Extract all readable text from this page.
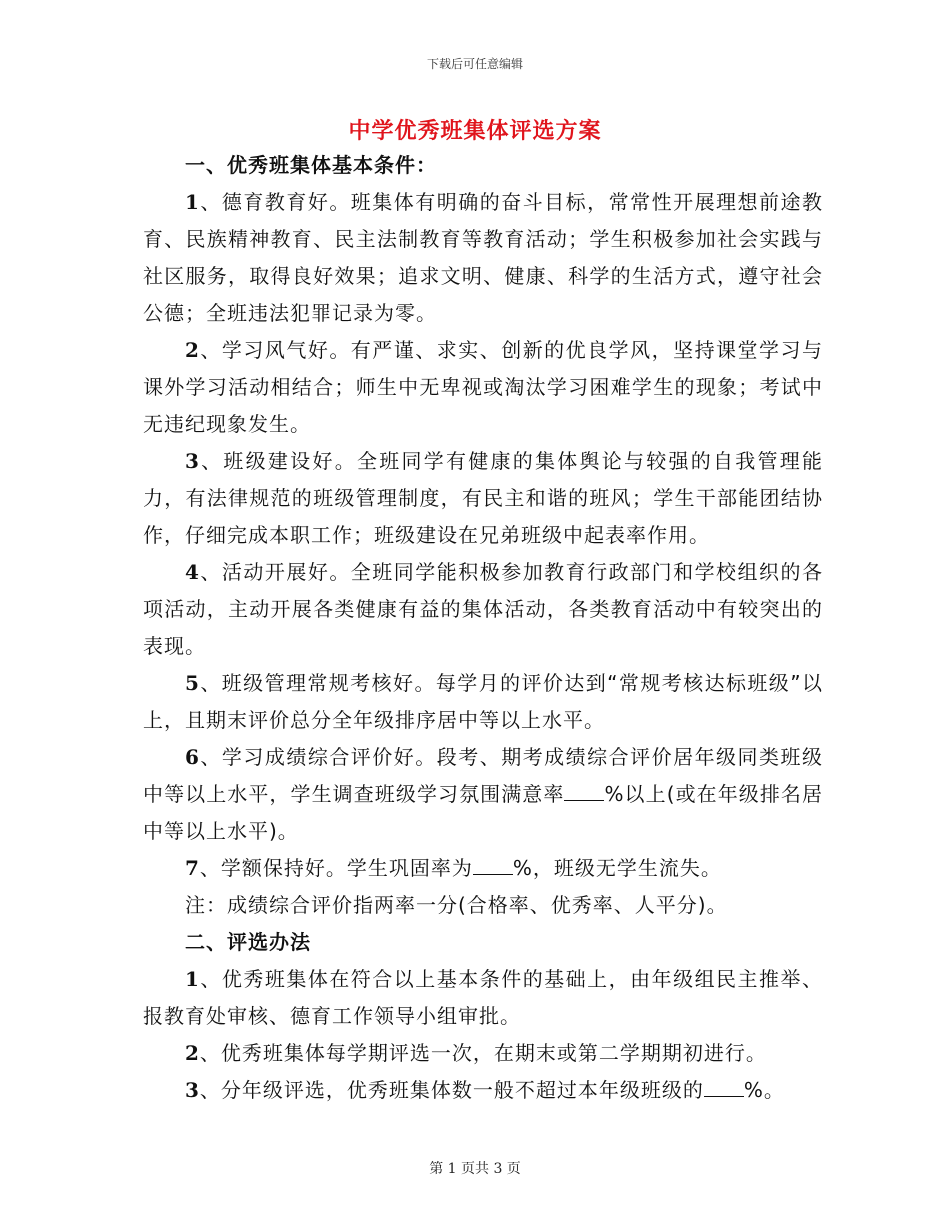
下载后可任意编辑
中学优秀班集体评选方案
一、优秀班集体基本条件：

1、德育教育好。班集体有明确的奋斗目标，常常性开展理想前途教育、民族精神教育、民主法制教育等教育活动；学生积极参加社会实践与社区服务，取得良好效果；追求文明、健康、科学的生活方式，遵守社会公德；全班违法犯罪记录为零。

2、学习风气好。有严谨、求实、创新的优良学风，坚持课堂学习与课外学习活动相结合；师生中无卑视或淘汰学习困难学生的现象；考试中无违纪现象发生。

3、班级建设好。全班同学有健康的集体舆论与较强的自我管理能力，有法律规范的班级管理制度，有民主和谐的班风；学生干部能团结协作，仔细完成本职工作；班级建设在兄弟班级中起表率作用。

4、活动开展好。全班同学能积极参加教育行政部门和学校组织的各项活动，主动开展各类健康有益的集体活动，各类教育活动中有较突出的表现。

5、班级管理常规考核好。每学月的评价达到“常规考核达标班级”以上，且期末评价总分全年级排序居中等以上水平。

6、学习成绩综合评价好。段考、期考成绩综合评价居年级同类班级中等以上水平，学生调查班级学习氛围满意率 %以上(或在年级排名居中等以上水平)。

7、学额保持好。学生巩固率为 %，班级无学生流失。

注：成绩综合评价指两率一分(合格率、优秀率、人平分)。

二、评选办法

1、优秀班集体在符合以上基本条件的基础上，由年级组民主推举、报教育处审核、德育工作领导小组审批。

2、优秀班集体每学期评选一次，在期末或第二学期期初进行。

3、分年级评选，优秀班集体数一般不超过本年级班级的 %。

第 1 页共 3 页
